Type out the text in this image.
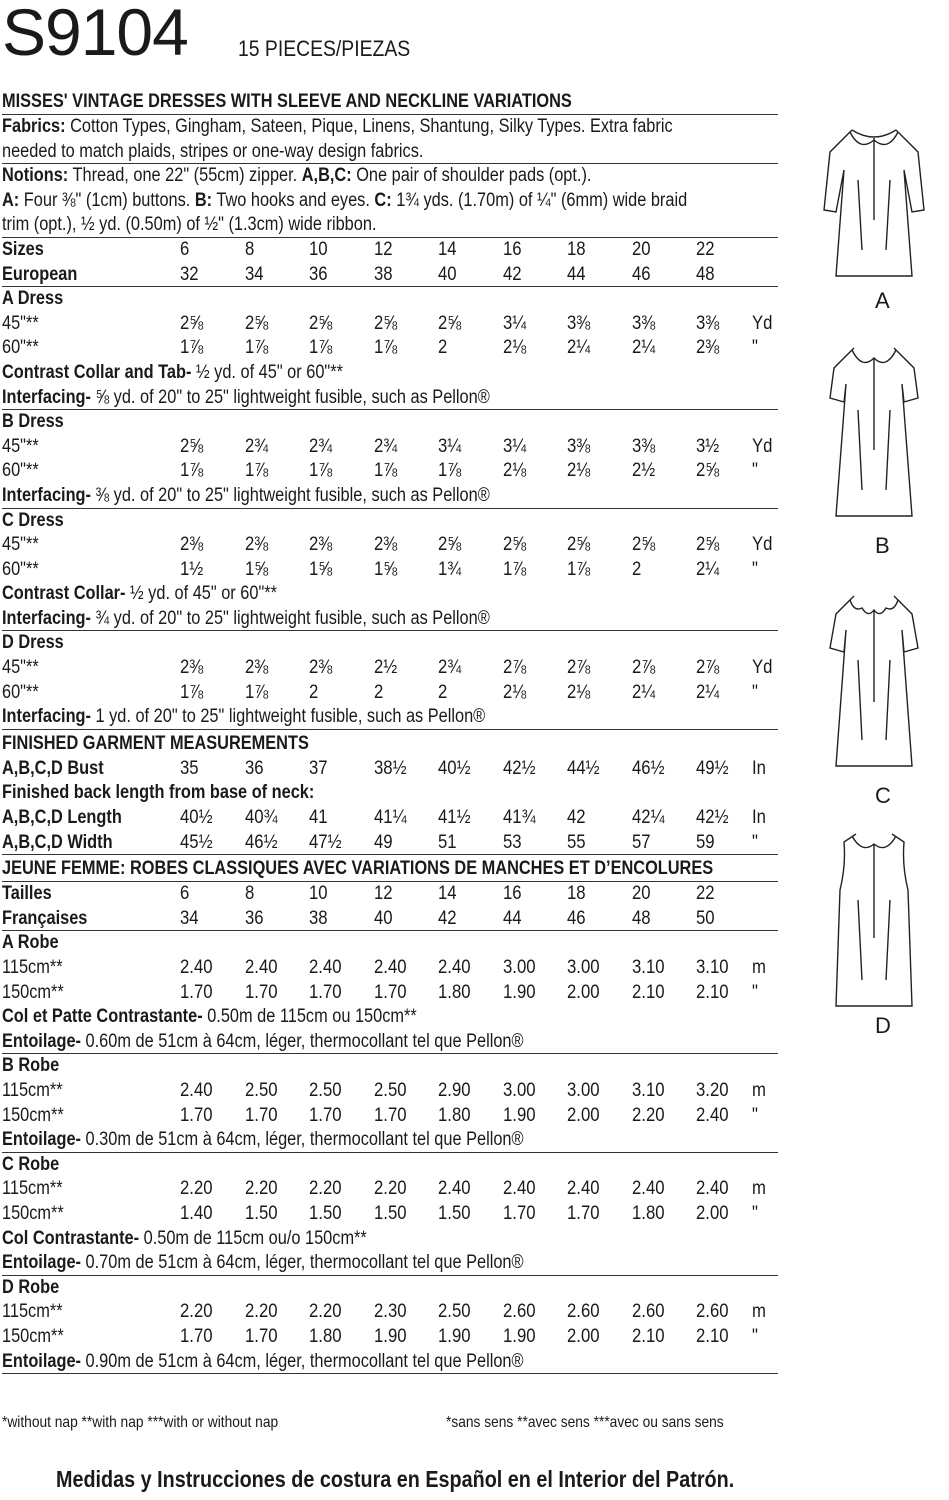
S9104 15 PIECES/PIEZAS
MISSES' VINTAGE DRESSES WITH SLEEVE AND NECKLINE VARIATIONS
Fabrics: Cotton Types, Gingham, Sateen, Pique, Linens, Shantung, Silky Types. Extra fabric
needed to match plaids, stripes or one-way design fabrics.
Notions: Thread, one 22" (55cm) zipper. A,B,C: One pair of shoulder pads (opt.).
A: Four ⅜" (1cm) buttons. B: Two hooks and eyes. C: 1¾ yds. (1.70m) of ¼" (6mm) wide braid
trim (opt.), ½ yd. (0.50m) of ½" (1.3cm) wide ribbon.
Sizes	6	8	10	12	14	16	18	20	22
European	32	34	36	38	40	42	44	46	48
A Dress
45"**	2⅝	2⅝	2⅝	2⅝	2⅝	3¼	3⅜	3⅜	3⅜	Yd
60"**	1⅞	1⅞	1⅞	1⅞	2	2⅛	2¼	2¼	2⅜	"
Contrast Collar and Tab- ½ yd. of 45" or 60"**
Interfacing- ⅝ yd. of 20" to 25" lightweight fusible, such as Pellon®
B Dress
45"**	2⅝	2¾	2¾	2¾	3¼	3¼	3⅜	3⅜	3½	Yd
60"**	1⅞	1⅞	1⅞	1⅞	1⅞	2⅛	2⅛	2½	2⅝	"
Interfacing- ⅜ yd. of 20" to 25" lightweight fusible, such as Pellon®
C Dress
45"**	2⅜	2⅜	2⅜	2⅜	2⅝	2⅝	2⅝	2⅝	2⅝	Yd
60"**	1½	1⅝	1⅝	1⅝	1¾	1⅞	1⅞	2	2¼	"
Contrast Collar- ½ yd. of 45" or 60"**
Interfacing- ¾ yd. of 20" to 25" lightweight fusible, such as Pellon®
D Dress
45"**	2⅜	2⅜	2⅜	2½	2¾	2⅞	2⅞	2⅞	2⅞	Yd
60"**	1⅞	1⅞	2	2	2	2⅛	2⅛	2¼	2¼	"
Interfacing- 1 yd. of 20" to 25" lightweight fusible, such as Pellon®
FINISHED GARMENT MEASUREMENTS
A,B,C,D Bust	35	36	37	38½	40½	42½	44½	46½	49½	In
Finished back length from base of neck:
A,B,C,D Length	40½	40¾	41	41¼	41½	41¾	42	42¼	42½	In
A,B,C,D Width	45½	46½	47½	49	51	53	55	57	59	"
JEUNE FEMME: ROBES CLASSIQUES AVEC VARIATIONS DE MANCHES ET D’ENCOLURES
Tailles	6	8	10	12	14	16	18	20	22
Françaises	34	36	38	40	42	44	46	48	50
A Robe
115cm**	2.40	2.40	2.40	2.40	2.40	3.00	3.00	3.10	3.10	m
150cm**	1.70	1.70	1.70	1.70	1.80	1.90	2.00	2.10	2.10	"
Col et Patte Contrastante- 0.50m de 115cm ou 150cm**
Entoilage- 0.60m de 51cm à 64cm, léger, thermocollant tel que Pellon®
B Robe
115cm**	2.40	2.50	2.50	2.50	2.90	3.00	3.00	3.10	3.20	m
150cm**	1.70	1.70	1.70	1.70	1.80	1.90	2.00	2.20	2.40	"
Entoilage- 0.30m de 51cm à 64cm, léger, thermocollant tel que Pellon®
C Robe
115cm**	2.20	2.20	2.20	2.20	2.40	2.40	2.40	2.40	2.40	m
150cm**	1.40	1.50	1.50	1.50	1.50	1.70	1.70	1.80	2.00	"
Col Contrastante- 0.50m de 115cm ou/o 150cm**
Entoilage- 0.70m de 51cm à 64cm, léger, thermocollant tel que Pellon®
D Robe
115cm**	2.20	2.20	2.20	2.30	2.50	2.60	2.60	2.60	2.60	m
150cm**	1.70	1.70	1.80	1.90	1.90	1.90	2.00	2.10	2.10	"
Entoilage- 0.90m de 51cm à 64cm, léger, thermocollant tel que Pellon®
A
B
C
D
*without nap **with nap ***with or without nap	*sans sens **avec sens ***avec ou sans sens
Medidas y Instrucciones de costura en Español en el Interior del Patrón.
